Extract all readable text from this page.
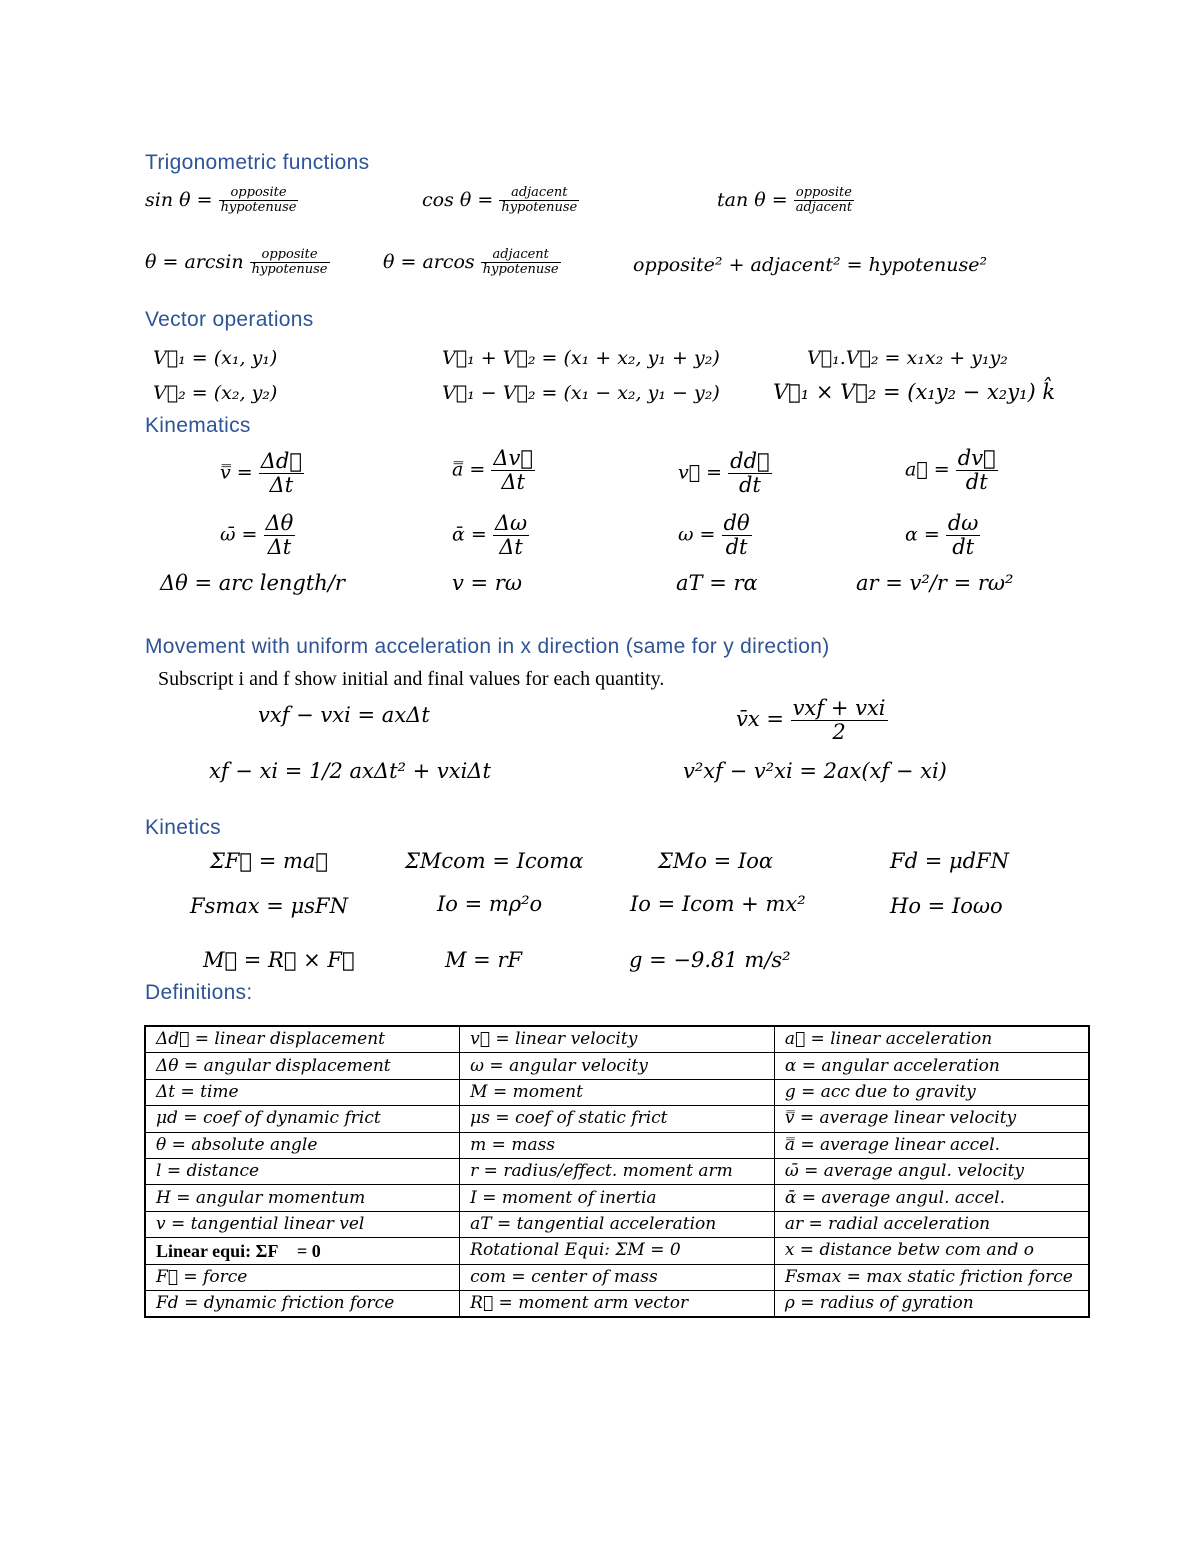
Trigonometric functions
Vector operations
Kinematics
Movement with uniform acceleration in x direction (same for y direction)
Kinetics
Definitions:
$\sin \theta = \frac{\text{opposite}}{\text{hypotenuse}}$	$\cos \theta = \frac{\text{adjacent}}{\text{hypotenuse}}$	$\tan \theta = \frac{\text{opposite}}{\text{adjacent}}$
$\theta = \arcsin \frac{\text{opposite}}{\text{hypotenuse}}$	θ = arcos $\frac{\text{adjacent}}{\text{hypotenuse}}$	opposite² + adjacent² = hypotenuse²
V⃗₁ = (x₁, y₁)
V⃗₂ = (x₂, y₂)
V⃗₁ + V⃗₂ = (x₁ + x₂, y₁ + y₂)
V⃗₁ − V⃗₂ = (x₁ − x₂, y₁ − y₂)
V⃗₁.V⃗₂ = x₁x₂ + y₁y₂
V⃗₁ × V⃗₂ = (x₁y₂ − x₂y₁) k̂
v̿ = $\frac{\Delta d⃗}{\Delta t}$	a̿ = $\frac{\Delta v⃗}{\Delta t}$	v⃗ = $\frac{dd⃗}{dt}$	a⃗ = $\frac{dv⃗}{dt}$
ω̄ = $\frac{\Delta\theta}{\Delta t}$	ᾱ = $\frac{\Delta\omega}{\Delta t}$	$\omega = \frac{d\theta}{dt}$	$\alpha = \frac{d\omega}{dt}$
Δθ = arc length/r	v = rω	aT = rα	ar = v²/r = rω²
Subscript i and f show initial and final values for each quantity.
vxf − vxi = axΔt	v̄x = $\frac{\text{vxf + vxi}}{2}$
xf − xi = 1/2 axΔt² + vxiΔt	v²xf − v²xi = 2ax(xf − xi)
ΣF⃗ = ma⃗	ΣMcom = Icomα	ΣMo = Ioα	Fd = μdFN
Fsmax = μsFN	Io = mρ²o	Io = Icom + mx²	Ho = Ioωo
M⃗ = R⃗ × F⃗	M = rF	g = −9.81 m/s²
Δd⃗ = linear displacement	v⃗ = linear velocity	a⃗ = linear acceleration
Δθ = angular displacement	ω = angular velocity	α = angular acceleration
Δt = time	M = moment	g = acc due to gravity
μd = coef of dynamic frict	μs = coef of static frict	v̿ = average linear velocity
θ = absolute angle	m = mass	a̿ = average linear accel.
l = distance	r = radius/effect. moment arm	ω̄ = average angul. velocity
H = angular momentum	I = moment of inertia	ᾱ = average angul. accel.
v = tangential linear vel	aT = tangential acceleration	ar = radial acceleration
Linear equi: ΣF⃗ = 0	Rotational Equi: ΣM = 0	x = distance betw com and o
F⃗ = force	com = center of mass	Fsmax = max static friction force
Fd = dynamic friction force	R⃗ = moment arm vector	ρ = radius of gyration
